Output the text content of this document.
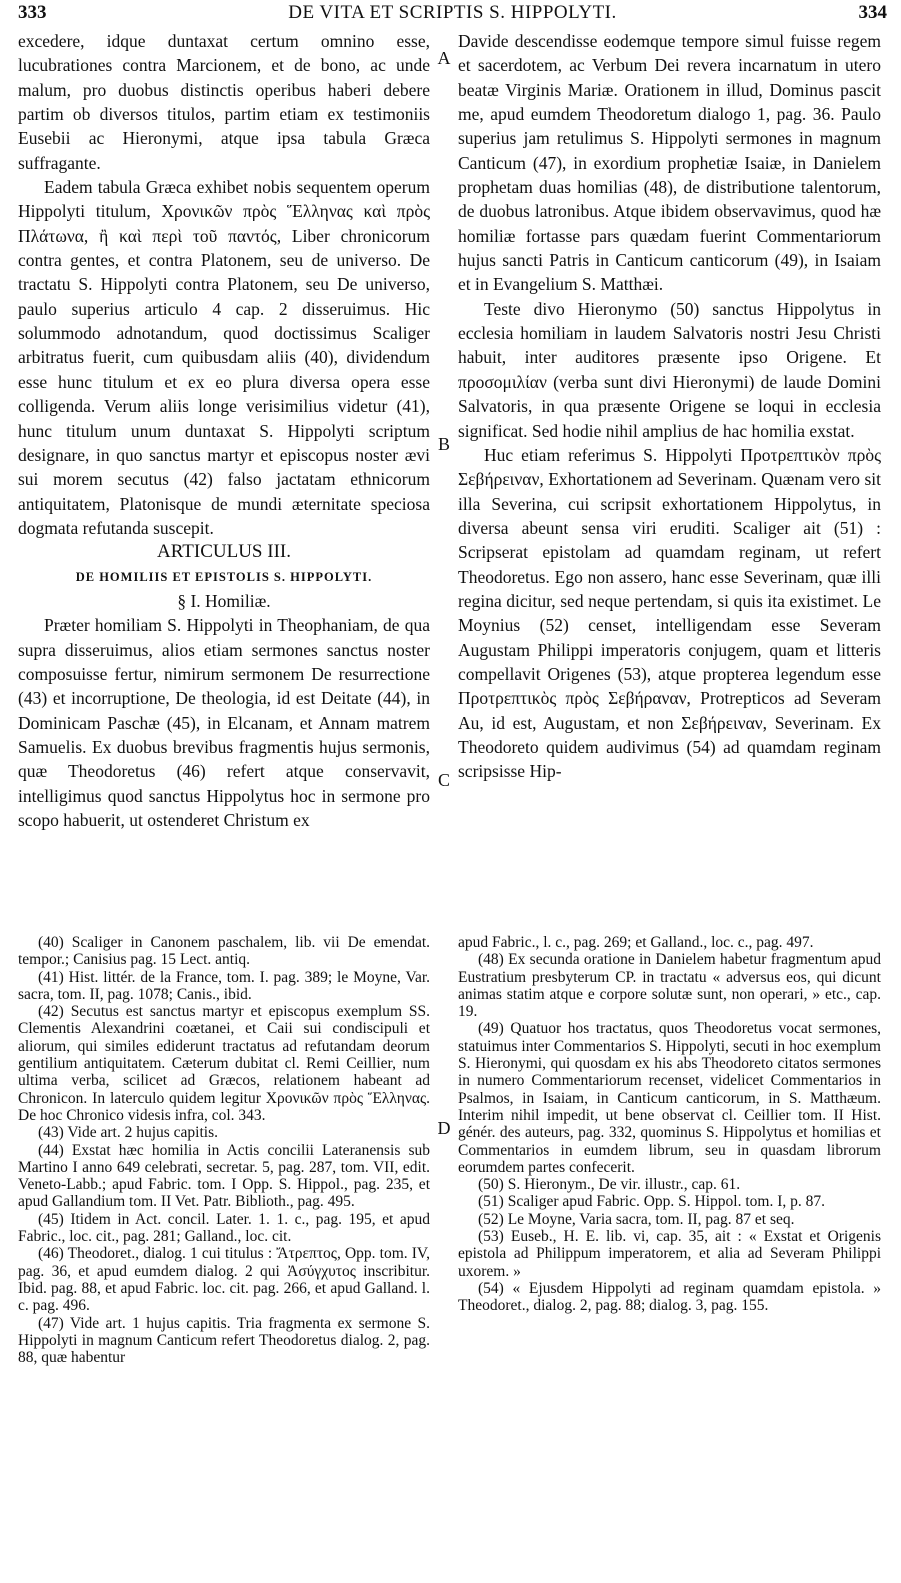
333	DE VITA ET SCRIPTIS S. HIPPOLYTI.	334

excedere, idque duntaxat certum omnino esse, lucubrationes contra Marcionem, et de bono, ac unde malum, pro duobus distinctis operibus haberi debere partim ob diversos titulos, partim etiam ex testimoniis Eusebii ac Hieronymi, atque ipsa tabula Græca suffragante.

Eadem tabula Græca exhibet nobis sequentem operum Hippolyti titulum, Χρονικῶν πρὸς Ἕλληνας καὶ πρὸς Πλάτωνα, ἢ καὶ περὶ τοῦ παντός, Liber chronicorum contra gentes, et contra Platonem, seu de universo. De tractatu S. Hippolyti contra Platonem, seu De universo, paulo superius articulo 4 cap. 2 disseruimus. Hic solummodo adnotandum, quod doctissimus Scaliger arbitratus fuerit, cum quibusdam aliis (40), dividendum esse hunc titulum et ex eo plura diversa opera esse colligenda. Verum aliis longe verisimilius videtur (41), hunc titulum unum duntaxat S. Hippolyti scriptum designare, in quo sanctus martyr et episcopus noster ævi sui morem secutus (42) falso jactatam ethnicorum antiquitatem, Platonisque de mundi æternitate speciosa dogmata refutanda suscepit.

ARTICULUS III.

DE HOMILIIS ET EPISTOLIS S. HIPPOLYTI.

§ I. Homiliæ.

Præter homiliam S. Hippolyti in Theophaniam, de qua supra disseruimus, alios etiam sermones sanctus noster composuisse fertur, nimirum sermonem De resurrectione (43) et incorruptione, De theologia, id est Deitate (44), in Dominicam Paschæ (45), in Elcanam, et Annam matrem Samuelis. Ex duobus brevibus fragmentis hujus sermonis, quæ Theodoretus (46) refert atque conservavit, intelligimus quod sanctus Hippolytus hoc in sermone pro scopo habuerit, ut ostenderet Christum ex

A
B
C
D

Davide descendisse eodemque tempore simul fuisse regem et sacerdotem, ac Verbum Dei revera incarnatum in utero beatæ Virginis Mariæ. Orationem in illud, Dominus pascit me, apud eumdem Theodoretum dialogo 1, pag. 36. Paulo superius jam retulimus S. Hippolyti sermones in magnum Canticum (47), in exordium prophetiæ Isaiæ, in Danielem prophetam duas homilias (48), de distributione talentorum, de duobus latronibus. Atque ibidem observavimus, quod hæ homiliæ fortasse pars quædam fuerint Commentariorum hujus sancti Patris in Canticum canticorum (49), in Isaiam et in Evangelium S. Matthæi.

Teste divo Hieronymo (50) sanctus Hippolytus in ecclesia homiliam in laudem Salvatoris nostri Jesu Christi habuit, inter auditores præsente ipso Origene. Et προσομιλίαν (verba sunt divi Hieronymi) de laude Domini Salvatoris, in qua præsente Origene se loqui in ecclesia significat. Sed hodie nihil amplius de hac homilia exstat.

Huc etiam referimus S. Hippolyti Προτρεπτικὸν πρὸς Σεβήρειναν, Exhortationem ad Severinam. Quænam vero sit illa Severina, cui scripsit exhortationem Hippolytus, in diversa abeunt sensa viri eruditi. Scaliger ait (51) : Scripserat epistolam ad quamdam reginam, ut refert Theodoretus. Ego non assero, hanc esse Severinam, quæ illi regina dicitur, sed neque pertendam, si quis ita existimet. Le Moynius (52) censet, intelligendam esse Severam Augustam Philippi imperatoris conjugem, quam et litteris compellavit Origenes (53), atque propterea legendum esse Προτρεπτικὸς πρὸς Σεβήραναν, Protrepticos ad Severam Au, id est, Augustam, et non Σεβήρειναν, Severinam. Ex Theodoreto quidem audivimus (54) ad quamdam reginam scripsisse Hip-

(40) Scaliger in Canonem paschalem, lib. vii De emendat. tempor.; Canisius pag. 15 Lect. antiq.

(41) Hist. littér. de la France, tom. I. pag. 389; le Moyne, Var. sacra, tom. II, pag. 1078; Canis., ibid.

(42) Secutus est sanctus martyr et episcopus exemplum SS. Clementis Alexandrini coætanei, et Caii sui condiscipuli et aliorum, qui similes ediderunt tractatus ad refutandam deorum gentilium antiquitatem. Cæterum dubitat cl. Remi Ceillier, num ultima verba, scilicet ad Græcos, relationem habeant ad Chronicon. In laterculo quidem legitur Χρονικῶν πρὸς Ἕλληνας. De hoc Chronico videsis infra, col. 343.

(43) Vide art. 2 hujus capitis.

(44) Exstat hæc homilia in Actis concilii Lateranensis sub Martino I anno 649 celebrati, secretar. 5, pag. 287, tom. VII, edit. Veneto-Labb.; apud Fabric. tom. I Opp. S. Hippol., pag. 235, et apud Gallandium tom. II Vet. Patr. Biblioth., pag. 495.

(45) Itidem in Act. concil. Later. 1. 1. c., pag. 195, et apud Fabric., loc. cit., pag. 281; Galland., loc. cit.

(46) Theodoret., dialog. 1 cui titulus : Ἄτρεπτος, Opp. tom. IV, pag. 36, et apud eumdem dialog. 2 qui Ἀσύγχυτος inscribitur. Ibid. pag. 88, et apud Fabric. loc. cit. pag. 266, et apud Galland. l. c. pag. 496.

(47) Vide art. 1 hujus capitis. Tria fragmenta ex sermone S. Hippolyti in magnum Canticum refert Theodoretus dialog. 2, pag. 88, quæ habentur

apud Fabric., l. c., pag. 269; et Galland., loc. c., pag. 497.

(48) Ex secunda oratione in Danielem habetur fragmentum apud Eustratium presbyterum CP. in tractatu « adversus eos, qui dicunt animas statim atque e corpore solutæ sunt, non operari, » etc., cap. 19.

(49) Quatuor hos tractatus, quos Theodoretus vocat sermones, statuimus inter Commentarios S. Hippolyti, secuti in hoc exemplum S. Hieronymi, qui quosdam ex his abs Theodoreto citatos sermones in numero Commentariorum recenset, videlicet Commentarios in Psalmos, in Isaiam, in Canticum canticorum, in S. Matthæum. Interim nihil impedit, ut bene observat cl. Ceillier tom. II Hist. génér. des auteurs, pag. 332, quominus S. Hippolytus et homilias et Commentarios in eumdem librum, seu in quasdam librorum eorumdem partes confecerit.

(50) S. Hieronym., De vir. illustr., cap. 61.

(51) Scaliger apud Fabric. Opp. S. Hippol. tom. I, p. 87.

(52) Le Moyne, Varia sacra, tom. II, pag. 87 et seq.

(53) Euseb., H. E. lib. vi, cap. 35, ait : « Exstat et Origenis epistola ad Philippum imperatorem, et alia ad Severam Philippi uxorem. »

(54) « Ejusdem Hippolyti ad reginam quamdam epistola. » Theodoret., dialog. 2, pag. 88; dialog. 3, pag. 155.
